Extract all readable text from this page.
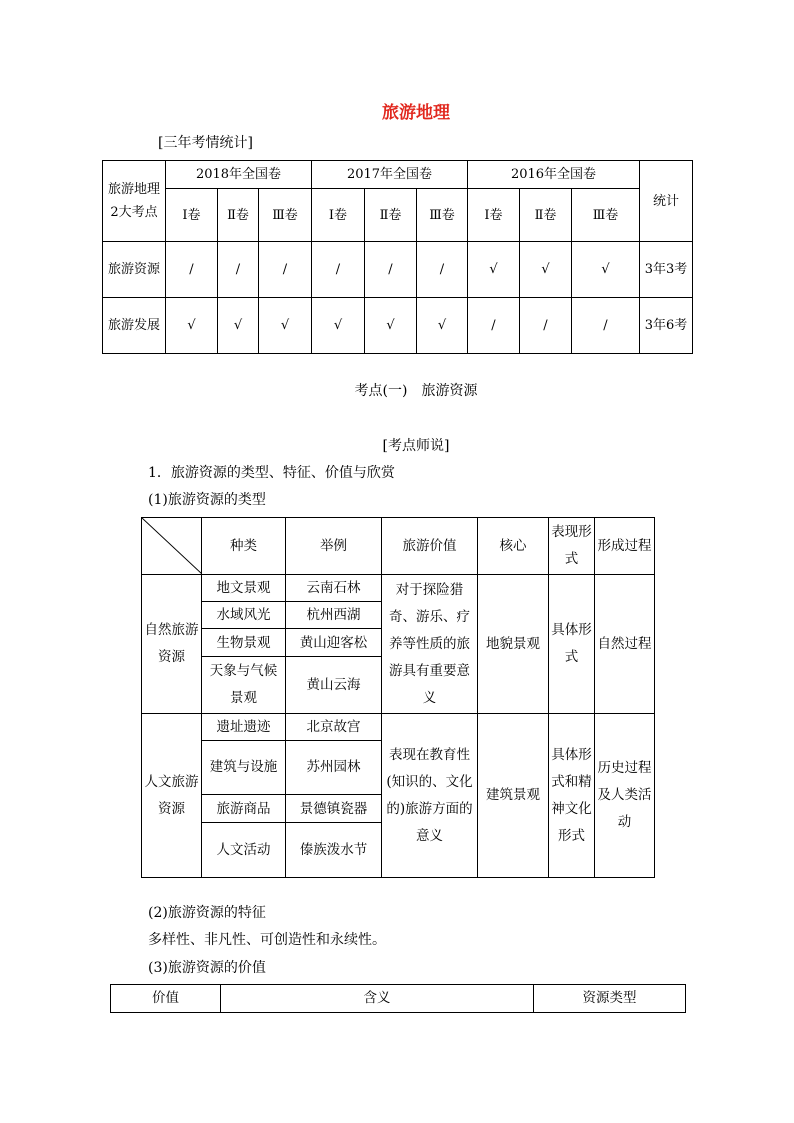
旅游地理
[三年考情统计]
旅游地理2大考点	2018年全国卷			2017年全国卷			2016年全国卷			统计
	Ⅰ卷	Ⅱ卷	Ⅲ卷	Ⅰ卷	Ⅱ卷	Ⅲ卷	Ⅰ卷	Ⅱ卷	Ⅲ卷	
旅游资源	/	/	/	/	/	/	√	√	√	3年3考
旅游发展	√	√	√	√	√	√	/	/	/	3年6考
考点(一)　旅游资源
[考点师说]
1．旅游资源的类型、特征、价值与欣赏
(1)旅游资源的类型
	种类	举例	旅游价值	核心	表现形式	形成过程
自然旅游资源	地文景观	云南石林	对于探险猎奇、游乐、疗养等性质的旅游具有重要意义	地貌景观	具体形式	自然过程
	水域风光	杭州西湖				
	生物景观	黄山迎客松				
	天象与气候景观	黄山云海				
人文旅游资源	遗址遗迹	北京故宫	表现在教育性(知识的、文化的)旅游方面的意义	建筑景观	具体形式和精神文化形式	历史过程及人类活动
	建筑与设施	苏州园林				
	旅游商品	景德镇瓷器				
	人文活动	傣族泼水节				
(2)旅游资源的特征
多样性、非凡性、可创造性和永续性。
(3)旅游资源的价值
价值	含义	资源类型
